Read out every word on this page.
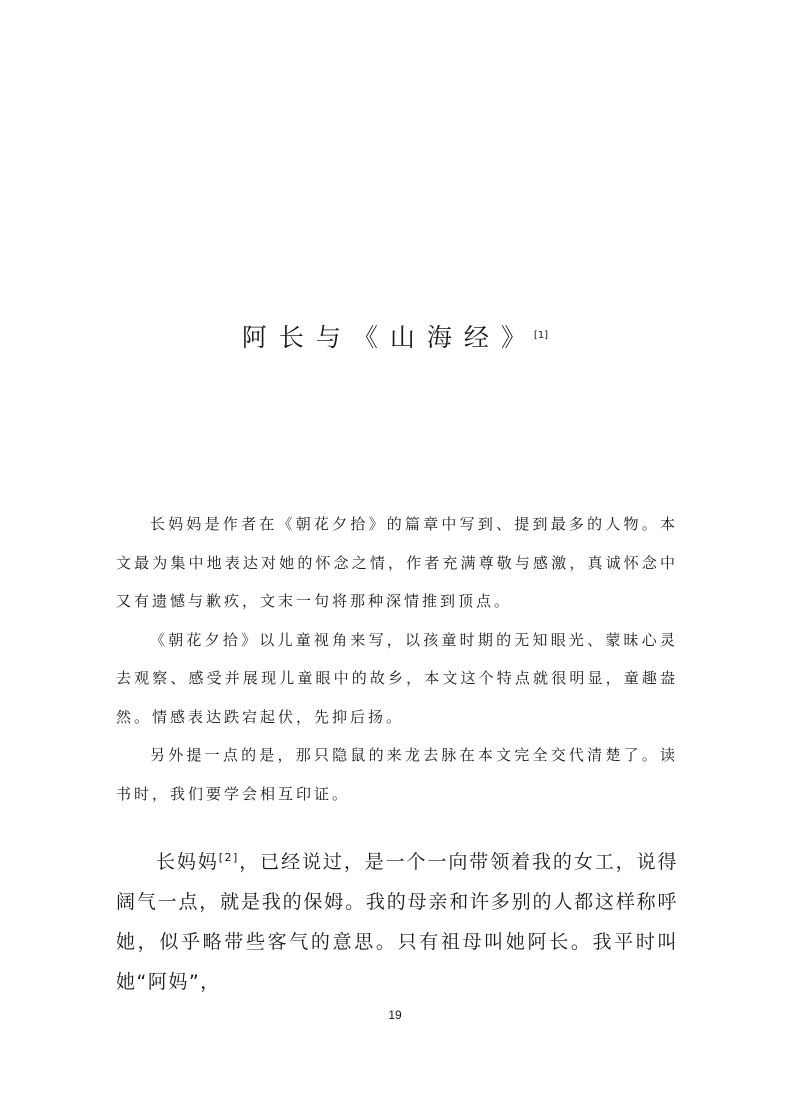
阿长与《山海经》[1]

长妈妈是作者在《朝花夕拾》的篇章中写到、提到最多的人物。本文最为集中地表达对她的怀念之情，作者充满尊敬与感激，真诚怀念中又有遗憾与歉疚，文末一句将那种深情推到顶点。

《朝花夕拾》以儿童视角来写，以孩童时期的无知眼光、蒙昧心灵去观察、感受并展现儿童眼中的故乡，本文这个特点就很明显，童趣盎然。情感表达跌宕起伏，先抑后扬。

另外提一点的是，那只隐鼠的来龙去脉在本文完全交代清楚了。读书时，我们要学会相互印证。

长妈妈[2]，已经说过，是一个一向带领着我的女工，说得阔气一点，就是我的保姆。我的母亲和许多别的人都这样称呼她，似乎略带些客气的意思。只有祖母叫她阿长。我平时叫她“阿妈”，

19
